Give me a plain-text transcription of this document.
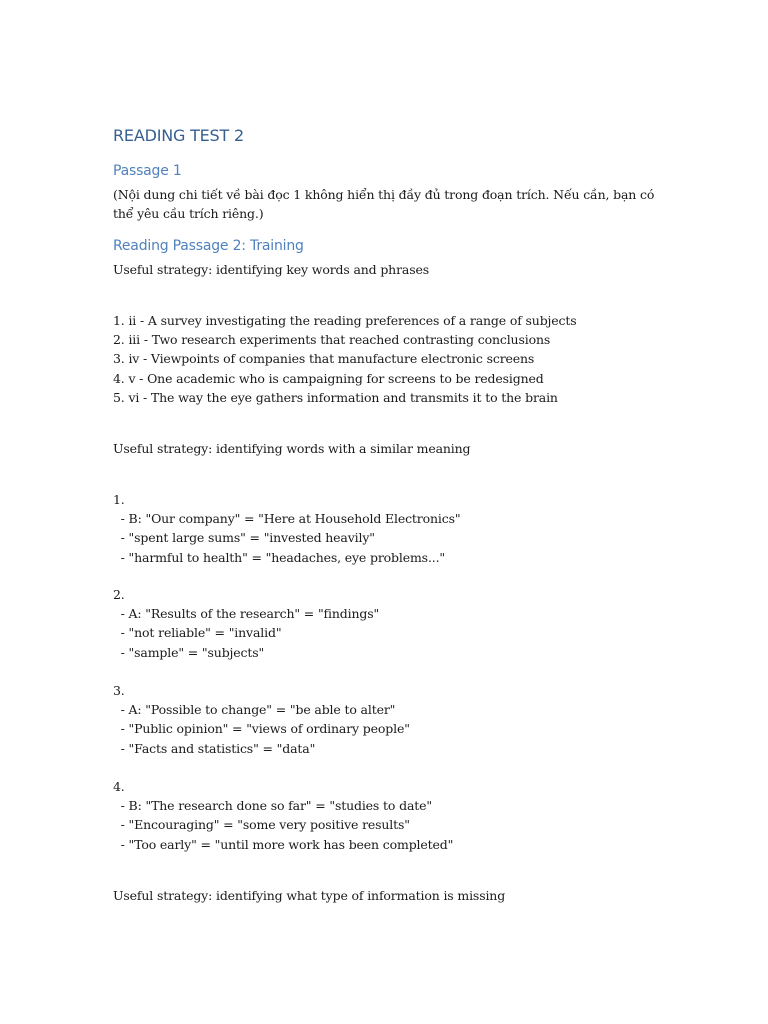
READING TEST 2
Passage 1

(Nội dung chi tiết về bài đọc 1 không hiển thị đầy đủ trong đoạn trích. Nếu cần, bạn có
thể yêu cầu trích riêng.)

Reading Passage 2: Training

Useful strategy: identifying key words and phrases

1. ii - A survey investigating the reading preferences of a range of subjects
2. iii - Two research experiments that reached contrasting conclusions
3. iv - Viewpoints of companies that manufacture electronic screens
4. v - One academic who is campaigning for screens to be redesigned
5. vi - The way the eye gathers information and transmits it to the brain

Useful strategy: identifying words with a similar meaning

1.
- B: "Our company" = "Here at Household Electronics"
- "spent large sums" = "invested heavily"
- "harmful to health" = "headaches, eye problems..."
2.
- A: "Results of the research" = "findings"
- "not reliable" = "invalid"
- "sample" = "subjects"
3.
- A: "Possible to change" = "be able to alter"
- "Public opinion" = "views of ordinary people"
- "Facts and statistics" = "data"
4.
- B: "The research done so far" = "studies to date"
- "Encouraging" = "some very positive results"
- "Too early" = "until more work has been completed"

Useful strategy: identifying what type of information is missing
